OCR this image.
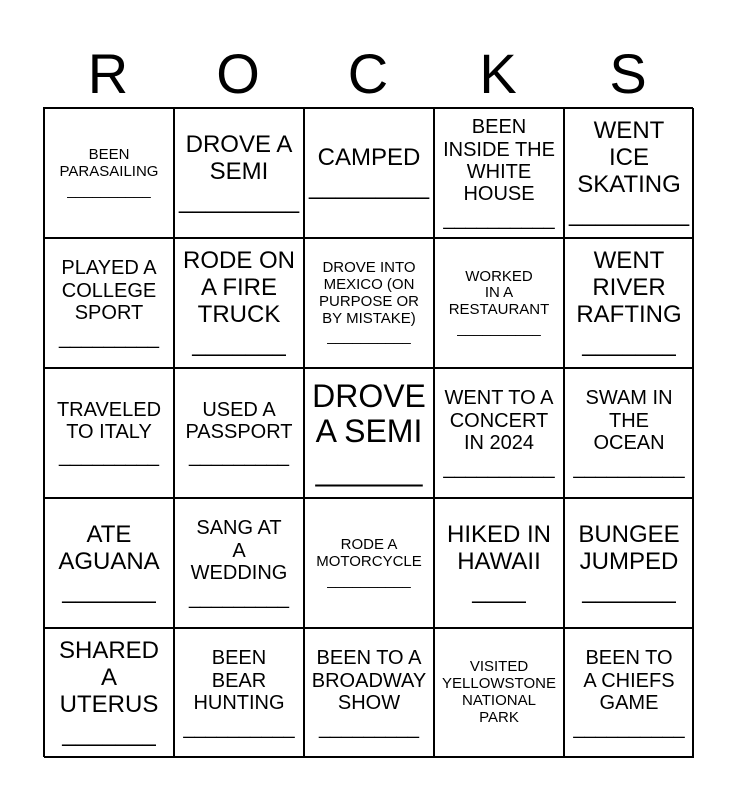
R	O	C	K	S
BEEN
PARASAILING
__________
DROVE A
SEMI
_________
CAMPED
_________
BEEN
INSIDE THE
WHITE
HOUSE
__________
WENT
ICE
SKATING
_________
PLAYED A
COLLEGE
SPORT
_________
RODE ON
A FIRE
TRUCK
_______
DROVE INTO
MEXICO (ON
PURPOSE OR
BY MISTAKE)
__________
WORKED
IN A
RESTAURANT
__________
WENT
RIVER
RAFTING
_______
TRAVELED
TO ITALY
_________
USED A
PASSPORT
_________
DROVE
A SEMI
______
WENT TO A
CONCERT
IN 2024
__________
SWAM IN
THE
OCEAN
__________
ATE
AGUANA
_______
SANG AT
A
WEDDING
_________
RODE A
MOTORCYCLE
__________
HIKED IN
HAWAII
____
BUNGEE
JUMPED
_______
SHARED
A
UTERUS
_______
BEEN
BEAR
HUNTING
__________
BEEN TO A
BROADWAY
SHOW
_________
VISITED
YELLOWSTONE
NATIONAL PARK
BEEN TO
A CHIEFS
GAME
__________
